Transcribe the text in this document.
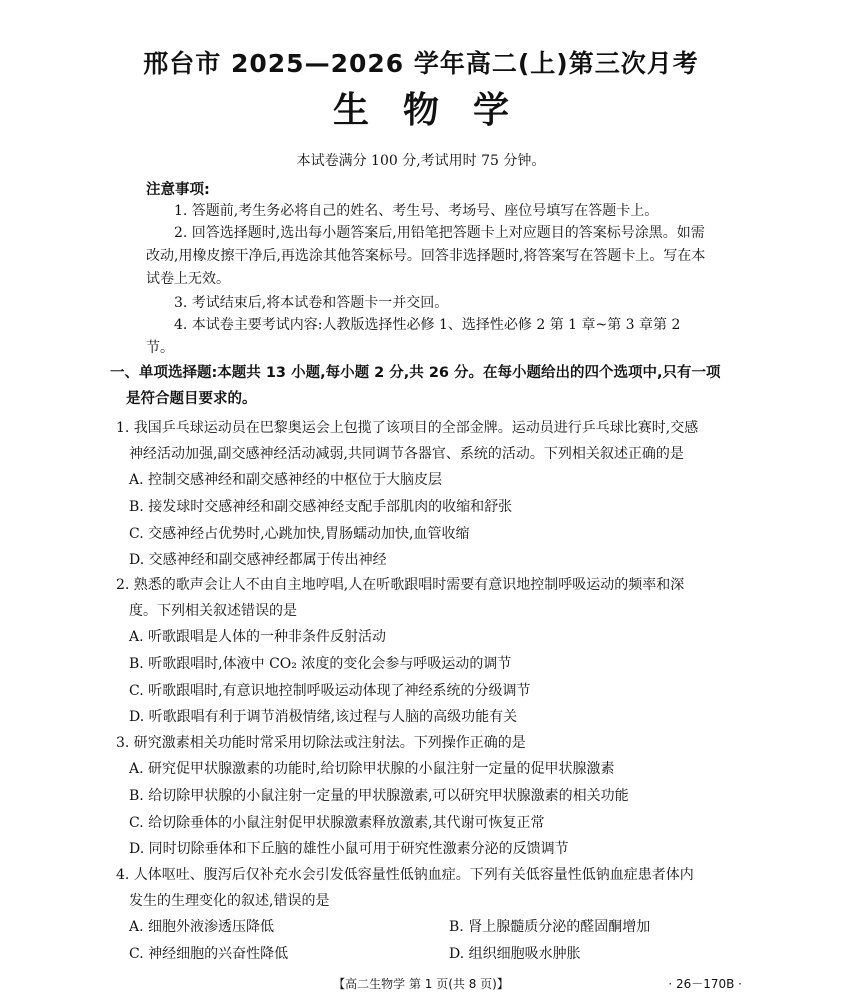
邢台市 2025—2026 学年高二(上)第三次月考
生物学
本试卷满分 100 分,考试用时 75 分钟。
注意事项:
1. 答题前,考生务必将自己的姓名、考生号、考场号、座位号填写在答题卡上。
2. 回答选择题时,选出每小题答案后,用铅笔把答题卡上对应题目的答案标号涂黑。如需改动,用橡皮擦干净后,再选涂其他答案标号。回答非选择题时,将答案写在答题卡上。写在本试卷上无效。
3. 考试结束后,将本试卷和答题卡一并交回。
4. 本试卷主要考试内容:人教版选择性必修 1、选择性必修 2 第 1 章~第 3 章第 2 节。
一、单项选择题:本题共 13 小题,每小题 2 分,共 26 分。在每小题给出的四个选项中,只有一项
是符合题目要求的。
1. 我国乒乓球运动员在巴黎奥运会上包揽了该项目的全部金牌。运动员进行乒乓球比赛时,交感
神经活动加强,副交感神经活动减弱,共同调节各器官、系统的活动。下列相关叙述正确的是
A. 控制交感神经和副交感神经的中枢位于大脑皮层
B. 接发球时交感神经和副交感神经支配手部肌肉的收缩和舒张
C. 交感神经占优势时,心跳加快,胃肠蠕动加快,血管收缩
D. 交感神经和副交感神经都属于传出神经
2. 熟悉的歌声会让人不由自主地哼唱,人在听歌跟唱时需要有意识地控制呼吸运动的频率和深
度。下列相关叙述错误的是
A. 听歌跟唱是人体的一种非条件反射活动
B. 听歌跟唱时,体液中 CO₂ 浓度的变化会参与呼吸运动的调节
C. 听歌跟唱时,有意识地控制呼吸运动体现了神经系统的分级调节
D. 听歌跟唱有利于调节消极情绪,该过程与人脑的高级功能有关
3. 研究激素相关功能时常采用切除法或注射法。下列操作正确的是
A. 研究促甲状腺激素的功能时,给切除甲状腺的小鼠注射一定量的促甲状腺激素
B. 给切除甲状腺的小鼠注射一定量的甲状腺激素,可以研究甲状腺激素的相关功能
C. 给切除垂体的小鼠注射促甲状腺激素释放激素,其代谢可恢复正常
D. 同时切除垂体和下丘脑的雄性小鼠可用于研究性激素分泌的反馈调节
4. 人体呕吐、腹泻后仅补充水会引发低容量性低钠血症。下列有关低容量性低钠血症患者体内
发生的生理变化的叙述,错误的是
A. 细胞外液渗透压降低	B. 肾上腺髓质分泌的醛固酮增加
C. 神经细胞的兴奋性降低	D. 组织细胞吸水肿胀
【高二生物学 第 1 页(共 8 页)】	· 26－170B ·
